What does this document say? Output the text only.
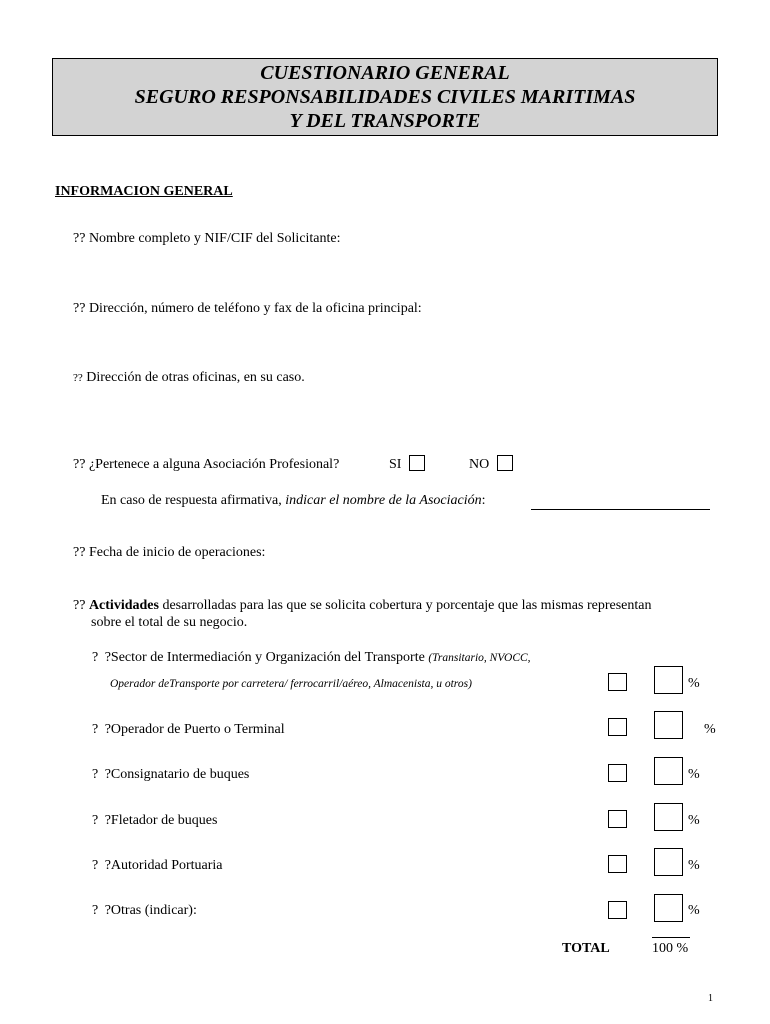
CUESTIONARIO GENERAL
SEGURO RESPONSABILIDADES CIVILES MARITIMAS
Y DEL TRANSPORTE
INFORMACION GENERAL
?? Nombre completo y NIF/CIF del Solicitante:
?? Dirección, número de teléfono y fax de la oficina principal:
?? Dirección de otras oficinas, en su caso.
?? ¿Pertenece a alguna Asociación Profesional?	SI	NO
En caso de respuesta afirmativa, indicar el nombre de la Asociación:
?? Fecha de inicio de operaciones:
?? Actividades desarrolladas para las que se solicita cobertura y porcentaje que las mismas representan
sobre el total de su negocio.
? ?Sector de Intermediación y Organización del Transporte (Transitario, NVOCC,
Operador deTransporte por carretera/ ferrocarril/aéreo, Almacenista, u otros)	%
? ?Operador de Puerto o Terminal	%
? ?Consignatario de buques	%
? ?Fletador de buques	%
? ?Autoridad Portuaria	%
? ?Otras (indicar):	%
TOTAL	100 %
1
